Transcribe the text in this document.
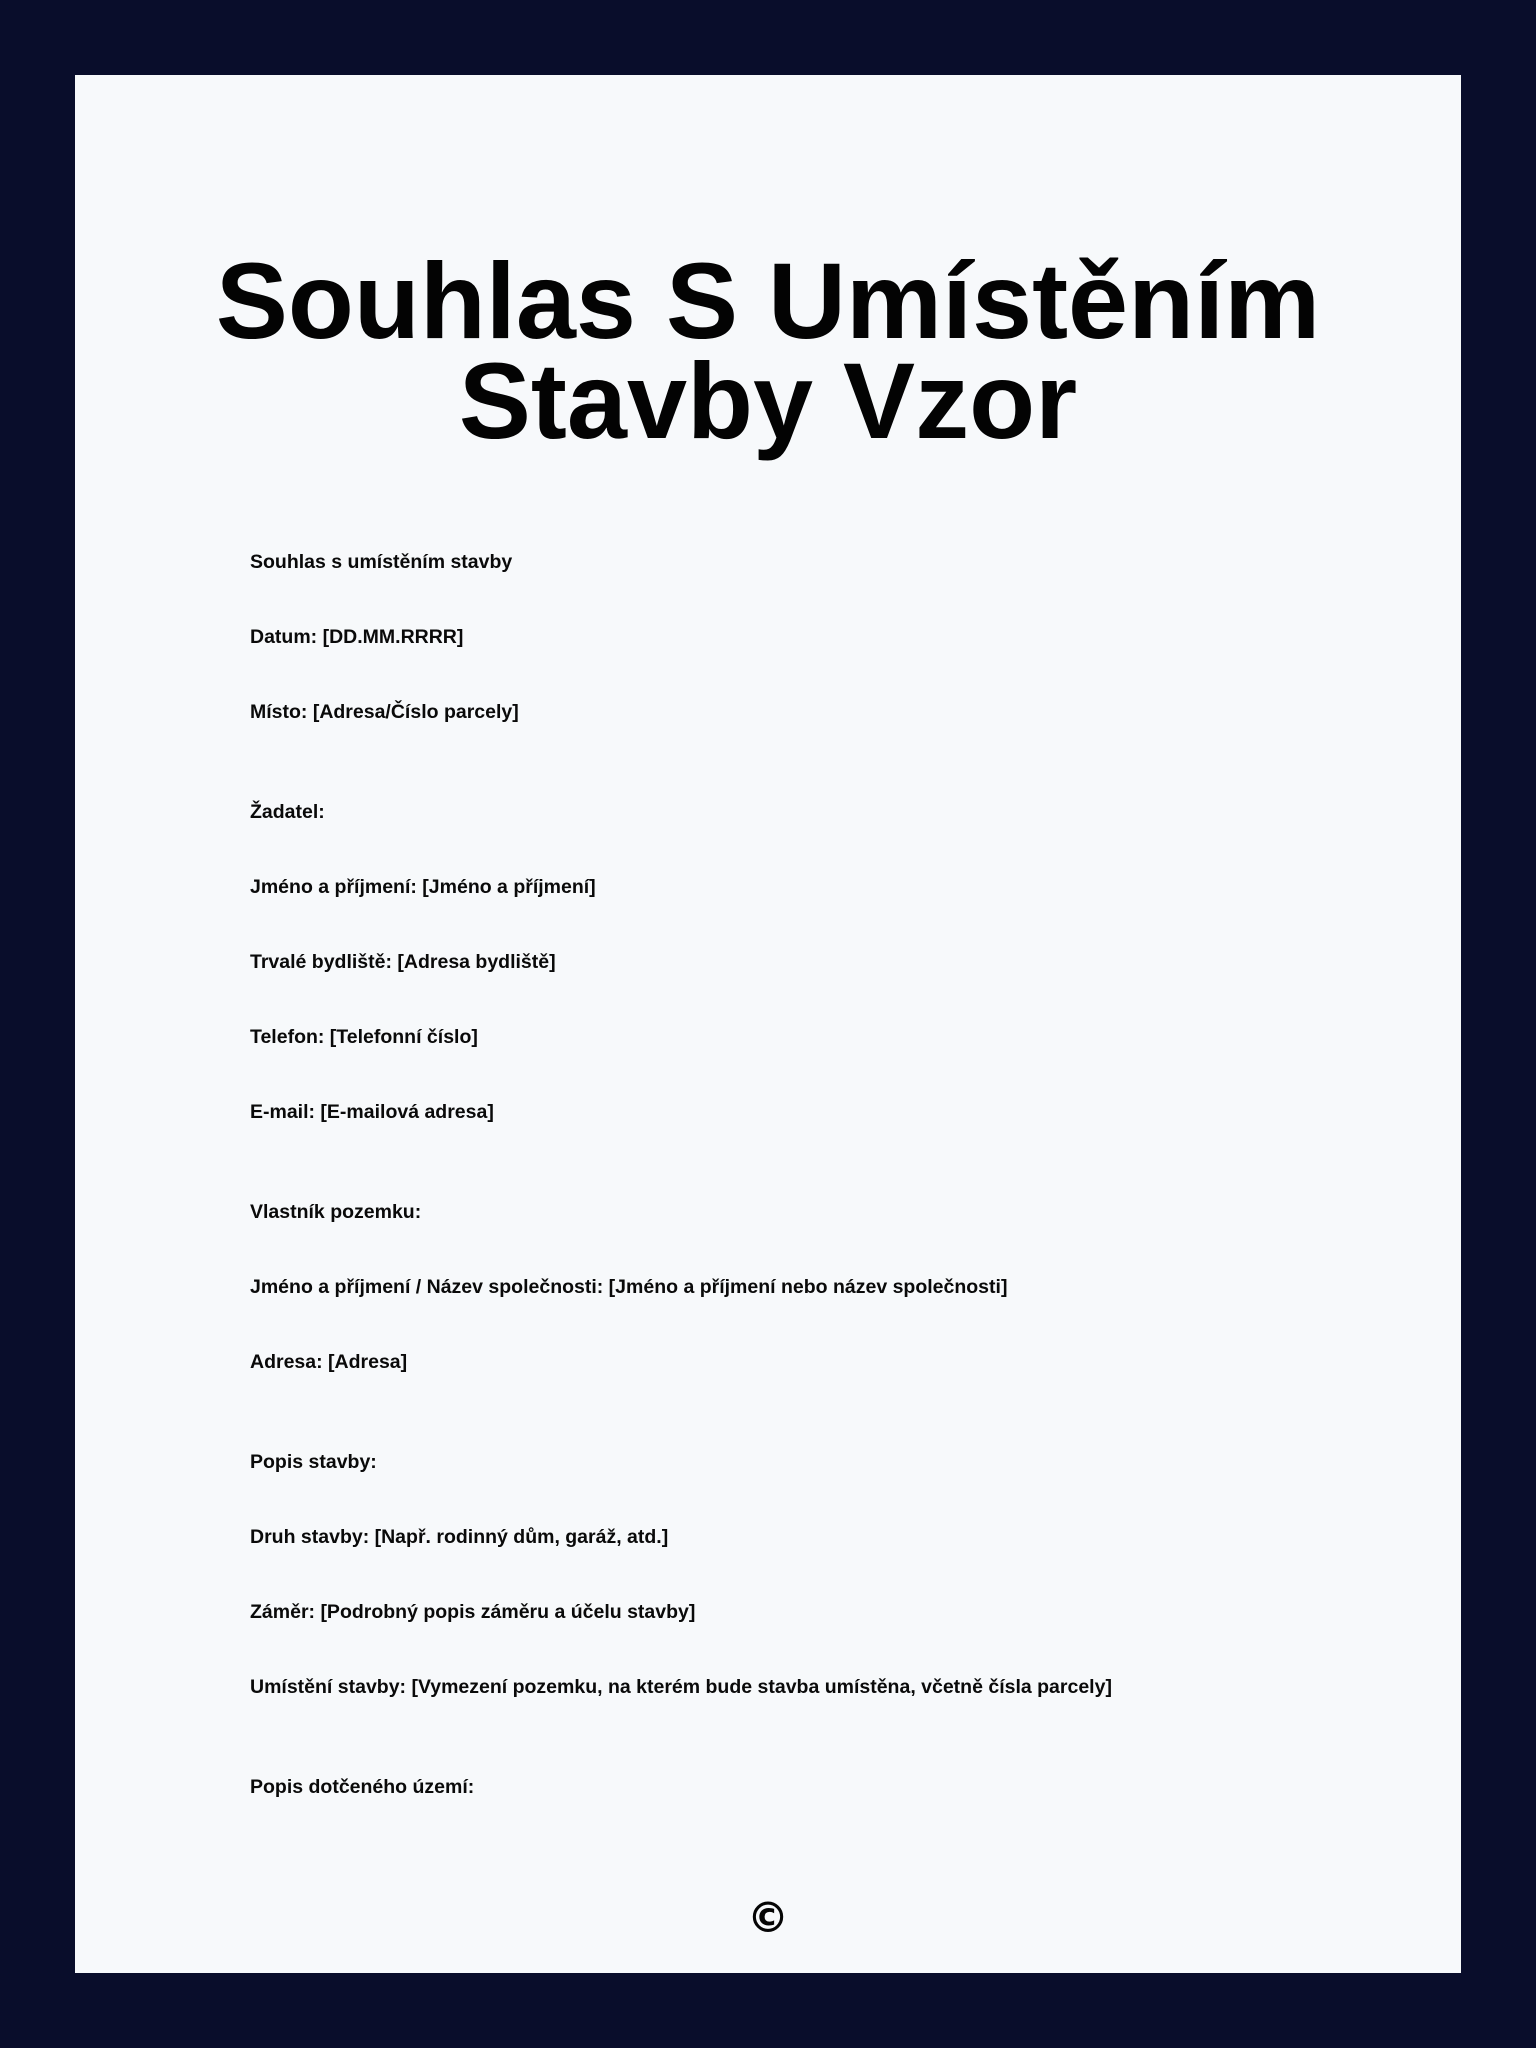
Souhlas S Umístěním Stavby Vzor
Souhlas s umístěním stavby
Datum: [DD.MM.RRRR]
Místo: [Adresa/Číslo parcely]
Žadatel:
Jméno a příjmení: [Jméno a příjmení]
Trvalé bydliště: [Adresa bydliště]
Telefon: [Telefonní číslo]
E-mail: [E-mailová adresa]
Vlastník pozemku:
Jméno a příjmení / Název společnosti: [Jméno a příjmení nebo název společnosti]
Adresa: [Adresa]
Popis stavby:
Druh stavby: [Např. rodinný dům, garáž, atd.]
Záměr: [Podrobný popis záměru a účelu stavby]
Umístění stavby: [Vymezení pozemku, na kterém bude stavba umístěna, včetně čísla parcely]
Popis dotčeného území:
©
